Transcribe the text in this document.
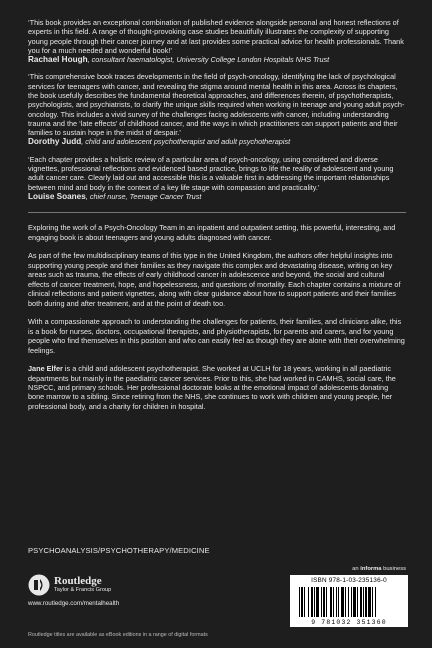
‘This book provides an exceptional combination of published evidence alongside personal and honest reflections of experts in this field. A range of thought-provoking case studies beautifully illustrates the complexity of supporting young people through their cancer journey and at last provides some practical advice for health professionals. Thank you for a much needed and wonderful book!’

Rachael Hough, consultant haematologist, University College London Hospitals NHS Trust

‘This comprehensive book traces developments in the field of psych-oncology, identifying the lack of psychological services for teenagers with cancer, and revealing the stigma around mental health in this area. Across its chapters, the book usefully describes the fundamental theoretical approaches, and differences therein, of psychotherapists, psychologists, and psychiatrists, to clarify the unique skills required when working in teenage and young adult psych-oncology. This includes a vivid survey of the challenges facing adolescents with cancer, including understanding trauma and the ‘late effects’ of childhood cancer, and the ways in which practitioners can support patients and their families to sustain hope in the midst of despair.’

Dorothy Judd, child and adolescent psychotherapist and adult psychotherapist

‘Each chapter provides a holistic review of a particular area of psych-oncology, using considered and diverse vignettes, professional reflections and evidenced based practice, brings to life the reality of adolescent and young adult cancer care. Clearly laid out and accessible this is a valuable first in addressing the important relationships between mind and body in the context of a key life stage with compassion and practicality.’

Louise Soanes, chief nurse, Teenage Cancer Trust

Exploring the work of a Psych-Oncology Team in an inpatient and outpatient setting, this powerful, interesting, and engaging book is about teenagers and young adults diagnosed with cancer.

As part of the few multidisciplinary teams of this type in the United Kingdom, the authors offer helpful insights into supporting young people and their families as they navigate this complex and devastating disease, writing on key areas such as trauma, the effects of early childhood cancer in adolescence and beyond, the social and cultural effects of cancer treatment, hope, and hopelessness, and questions of mortality. Each chapter contains a mixture of clinical reflections and patient vignettes, along with clear guidance about how to support patients and their families both during and after treatment, and at the point of death too.

With a compassionate approach to understanding the challenges for patients, their families, and clinicians alike, this is a book for nurses, doctors, occupational therapists, and physiotherapists, for parents and carers, and for young people who find themselves in this position and who can easily feel as though they are alone with their overwhelming feelings.

Jane Elfer is a child and adolescent psychotherapist. She worked at UCLH for 18 years, working in all paediatric departments but mainly in the paediatric cancer services. Prior to this, she had worked in CAMHS, social care, the NSPCC, and primary schools. Her professional doctorate looks at the emotional impact of adolescents donating bone marrow to a sibling. Since retiring from the NHS, she continues to work with children and young people, her professional body, and a charity for children in hospital.

PSYCHOANALYSIS/PSYCHOTHERAPY/MEDICINE
Routledge
Taylor & Francis Group
www.routledge.com/mentalhealth
an informa business
ISBN 978-1-03-235136-0
9 781032 351360
Routledge titles are available as eBook editions in a range of digital formats
